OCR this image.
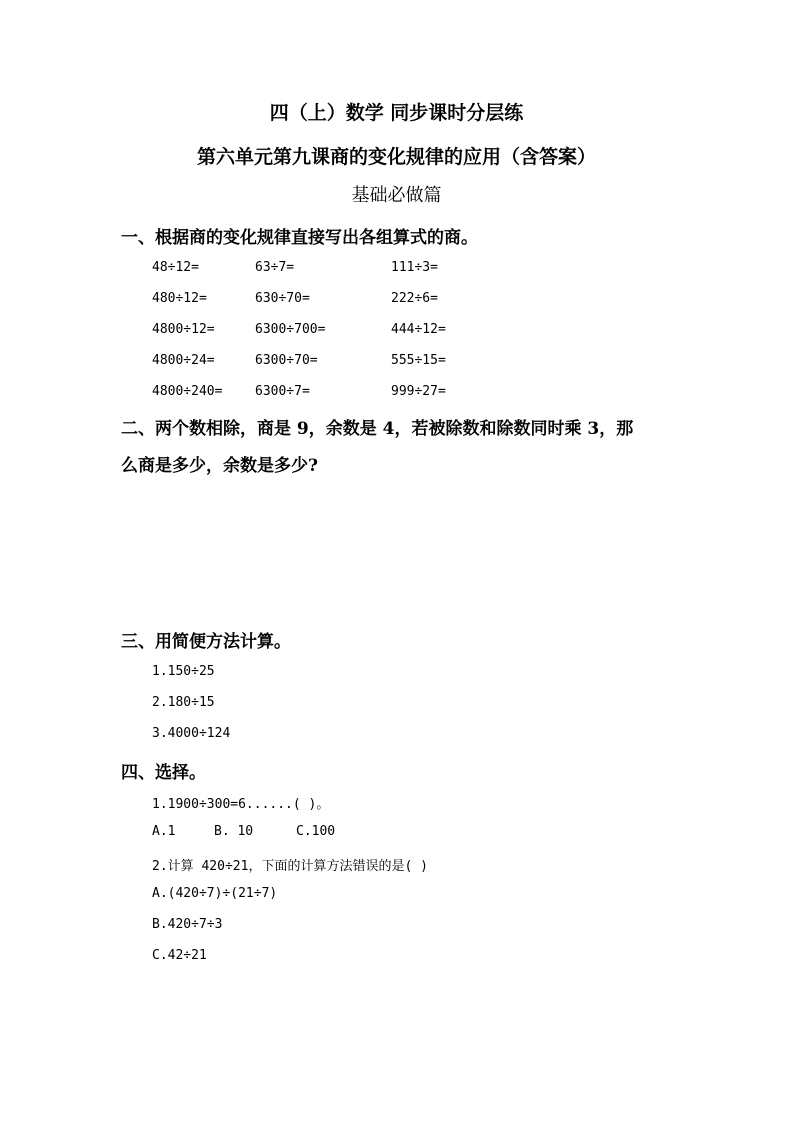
四（上）数学 同步课时分层练
第六单元第九课商的变化规律的应用（含答案）
基础必做篇
一、根据商的变化规律直接写出各组算式的商。
48÷12=	63÷7=	111÷3=
480÷12=	630÷70=	222÷6=
4800÷12=	6300÷700=	444÷12=
4800÷24=	6300÷70=	555÷15=
4800÷240=	6300÷7=	999÷27=
二、两个数相除，商是 9，余数是 4，若被除数和除数同时乘 3，那
么商是多少，余数是多少?
三、用简便方法计算。
1.150÷25
2.180÷15
3.4000÷124
四、选择。
1.1900÷300=6......( )。
A.1	B. 10	C.100
2.计算 420÷21，下面的计算方法错误的是( )
A.(420÷7)÷(21÷7)
B.420÷7÷3
C.42÷21
